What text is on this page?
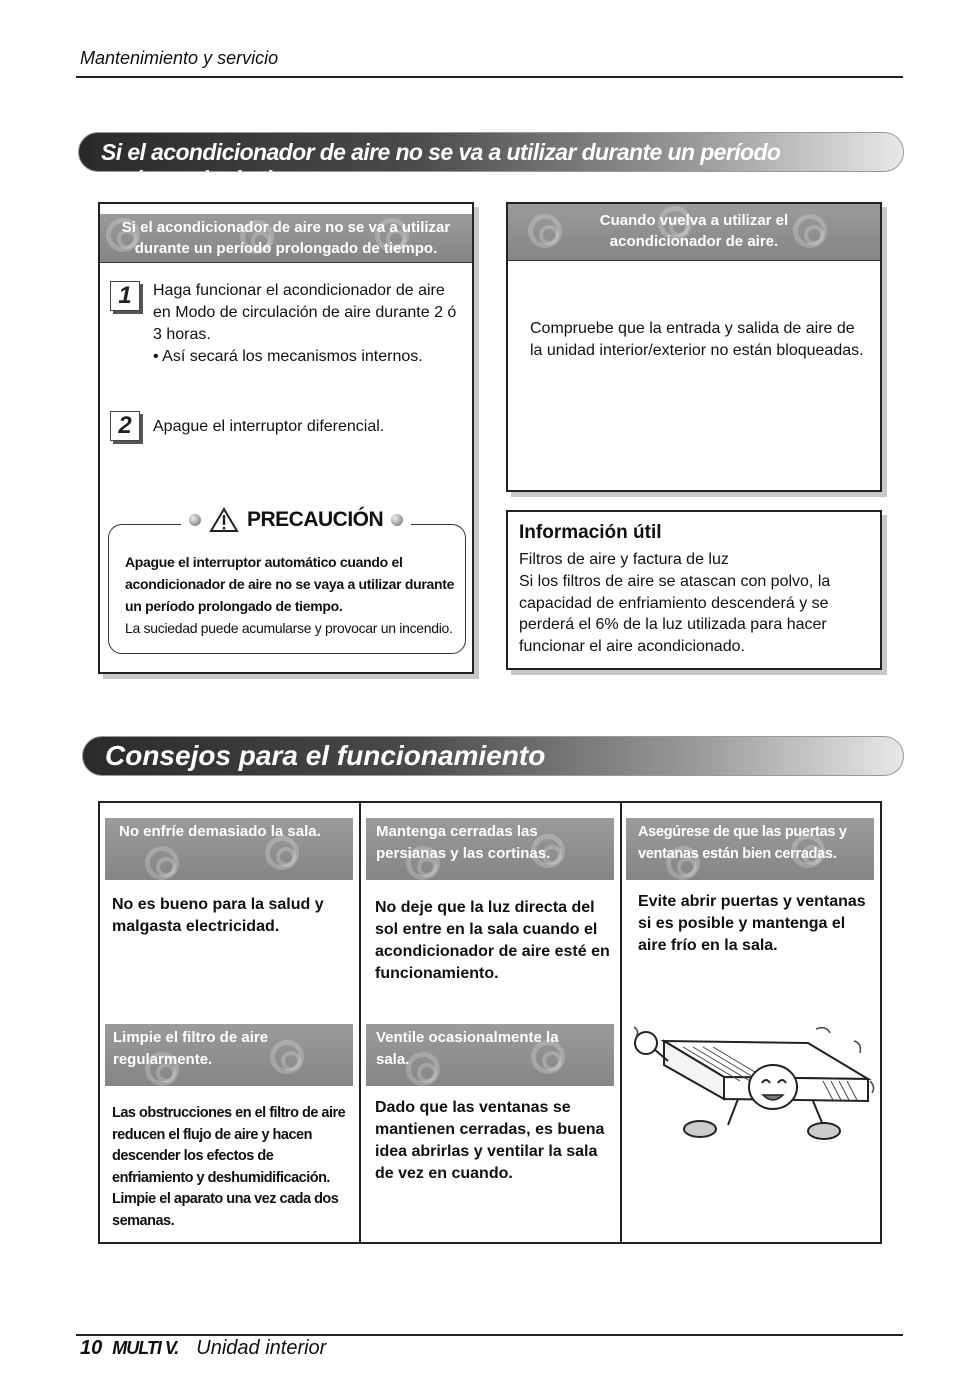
Mantenimiento y servicio
Si el acondicionador de aire no se va a utilizar durante un período prolongado de tiempo.
Si el acondicionador de aire no se va a utilizar durante un período prolongado de tiempo.
1	Haga funcionar el acondicionador de aire en Modo de circulación de aire durante 2 ó 3 horas.
• Así secará los mecanismos internos.
2	Apague el interruptor diferencial.
PRECAUCIÓN
Apague el interruptor automático cuando el acondicionador de aire no se vaya a utilizar durante un período prolongado de tiempo.
La suciedad puede acumularse y provocar un incendio.
Cuando vuelva a utilizar el acondicionador de aire.
Compruebe que la entrada y salida de aire de la unidad interior/exterior no están bloqueadas.
Información útil
Filtros de aire y factura de luz
Si los filtros de aire se atascan con polvo, la capacidad de enfriamiento descenderá y se perderá el 6% de la luz utilizada para hacer funcionar el aire acondicionado.
Consejos para el funcionamiento
No enfríe demasiado la sala.
No es bueno para la salud y malgasta electricidad.
Mantenga cerradas las persianas y las cortinas.
No deje que la luz directa del sol entre en la sala cuando el acondicionador de aire esté en funcionamiento.
Asegúrese de que las puertas y ventanas están bien cerradas.
Evite abrir puertas y ventanas si es posible y mantenga el aire frío en la sala.
Limpie el filtro de aire regularmente.
Las obstrucciones en el filtro de aire reducen el flujo de aire y hacen descender los efectos de enfriamiento y deshumidificación. Limpie el aparato una vez cada dos semanas.
Ventile ocasionalmente la sala.
Dado que las ventanas se mantienen cerradas, es buena idea abrirlas y ventilar la sala de vez en cuando.
10 MULTI V. Unidad interior
